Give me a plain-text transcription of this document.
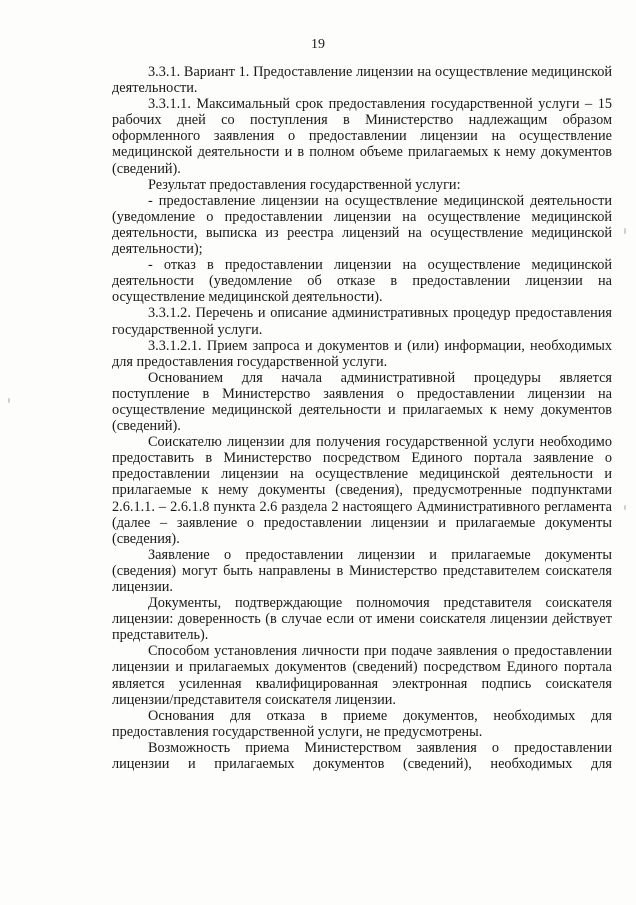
19

3.3.1. Вариант 1. Предоставление лицензии на осуществление медицинской деятельности.

3.3.1.1. Максимальный срок предоставления государственной услуги – 15 рабочих дней со поступления в Министерство надлежащим образом оформленного заявления о предоставлении лицензии на осуществление медицинской деятельности и в полном объеме прилагаемых к нему документов (сведений).

Результат предоставления государственной услуги:

- предоставление лицензии на осуществление медицинской деятельности (уведомление о предоставлении лицензии на осуществление медицинской деятельности, выписка из реестра лицензий на осуществление медицинской деятельности);

- отказ в предоставлении лицензии на осуществление медицинской деятельности (уведомление об отказе в предоставлении лицензии на осуществление медицинской деятельности).

3.3.1.2. Перечень и описание административных процедур предоставления государственной услуги.

3.3.1.2.1. Прием запроса и документов и (или) информации, необходимых для предоставления государственной услуги.

Основанием для начала административной процедуры является поступление в Министерство заявления о предоставлении лицензии на осуществление медицинской деятельности и прилагаемых к нему документов (сведений).

Соискателю лицензии для получения государственной услуги необходимо предоставить в Министерство посредством Единого портала заявление о предоставлении лицензии на осуществление медицинской деятельности и прилагаемые к нему документы (сведения), предусмотренные подпунктами 2.6.1.1. – 2.6.1.8 пункта 2.6 раздела 2 настоящего Административного регламента (далее – заявление о предоставлении лицензии и прилагаемые документы (сведения).

Заявление о предоставлении лицензии и прилагаемые документы (сведения) могут быть направлены в Министерство представителем соискателя лицензии.

Документы, подтверждающие полномочия представителя соискателя лицензии: доверенность (в случае если от имени соискателя лицензии действует представитель).

Способом установления личности при подаче заявления о предоставлении лицензии и прилагаемых документов (сведений) посредством Единого портала является усиленная квалифицированная электронная подпись соискателя лицензии/представителя соискателя лицензии.

Основания для отказа в приеме документов, необходимых для предоставления государственной услуги, не предусмотрены.

Возможность приема Министерством заявления о предоставлении лицензии и прилагаемых документов (сведений), необходимых для
